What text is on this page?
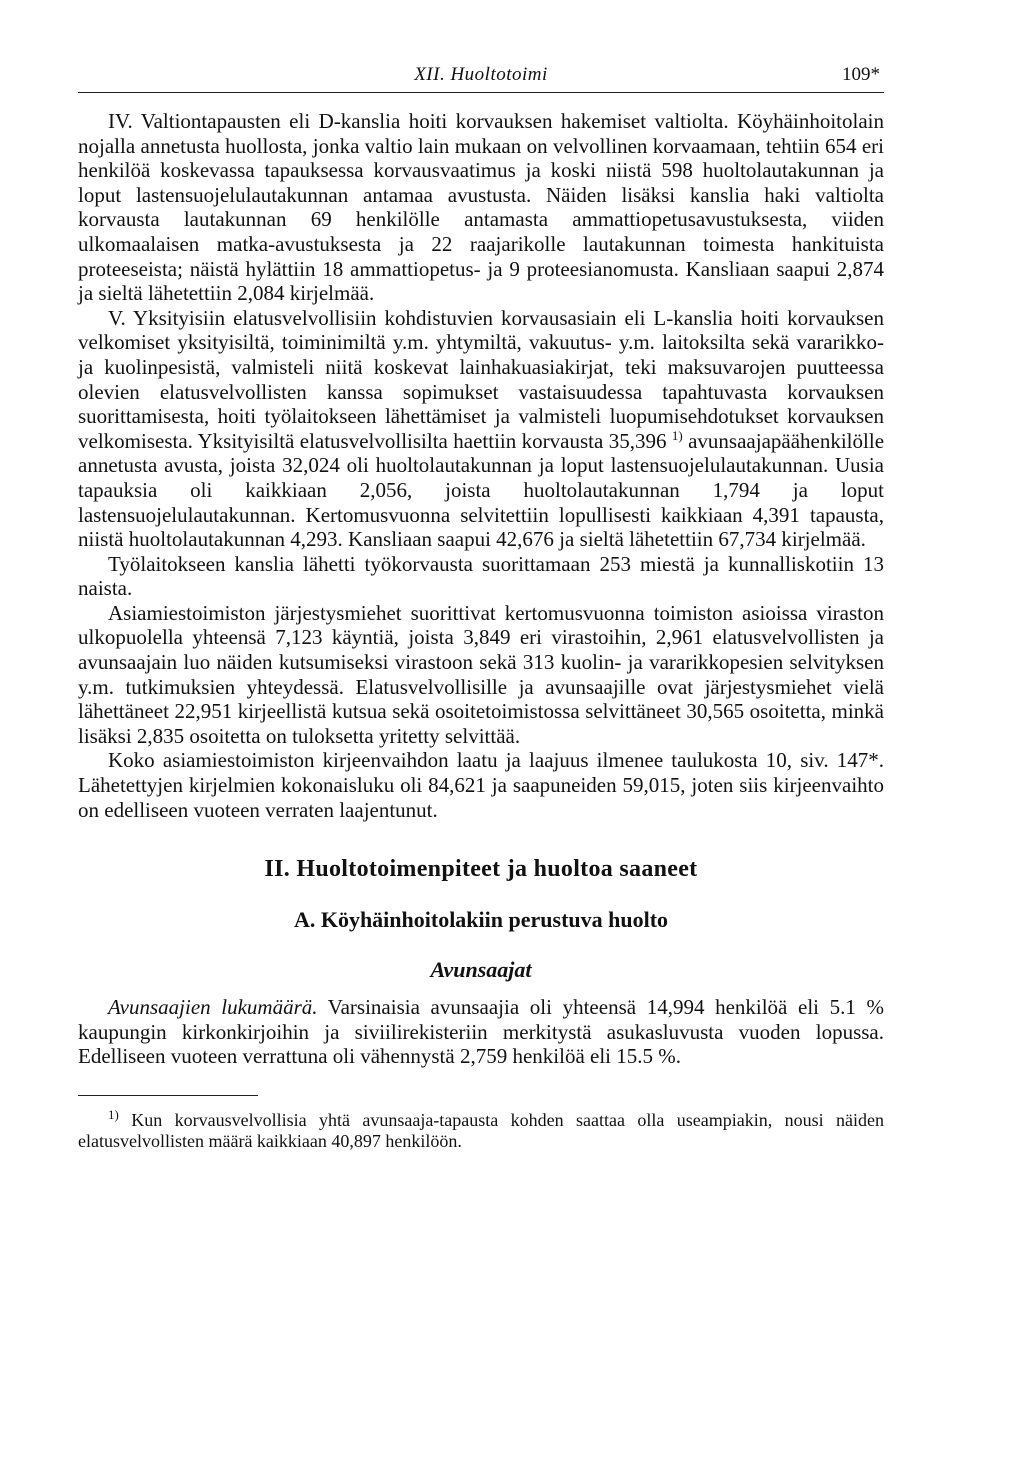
XII. Huoltotoimi	109*

IV. Valtiontapausten eli D-kanslia hoiti korvauksen hakemiset valtiolta. Köyhäinhoitolain nojalla annetusta huollosta, jonka valtio lain mukaan on velvollinen korvaamaan, tehtiin 654 eri henkilöä koskevassa tapauksessa korvausvaatimus ja koski niistä 598 huoltolautakunnan ja loput lastensuojelulautakunnan antamaa avustusta. Näiden lisäksi kanslia haki valtiolta korvausta lautakunnan 69 henkilölle antamasta ammattiopetusavustuksesta, viiden ulkomaalaisen matka-avustuksesta ja 22 raajarikolle lautakunnan toimesta hankituista proteeseista; näistä hylättiin 18 ammattiopetus- ja 9 proteesianomusta. Kansliaan saapui 2,874 ja sieltä lähetettiin 2,084 kirjelmää.

V. Yksityisiin elatusvelvollisiin kohdistuvien korvausasiain eli L-kanslia hoiti korvauksen velkomiset yksityisiltä, toiminimiltä y.m. yhtymiltä, vakuutus- y.m. laitoksilta sekä vararikko- ja kuolinpesistä, valmisteli niitä koskevat lainhakuasiakirjat, teki maksuvarojen puutteessa olevien elatusvelvollisten kanssa sopimukset vastaisuudessa tapahtuvasta korvauksen suorittamisesta, hoiti työlaitokseen lähettämiset ja valmisteli luopumisehdotukset korvauksen velkomisesta. Yksityisiltä elatusvelvollisilta haettiin korvausta 35,396 $^{1)}$ avunsaajapäähenkilölle annetusta avusta, joista 32,024 oli huoltolautakunnan ja loput lastensuojelulautakunnan. Uusia tapauksia oli kaikkiaan 2,056, joista huoltolautakunnan 1,794 ja loput lastensuojelulautakunnan. Kertomusvuonna selvitettiin lopullisesti kaikkiaan 4,391 tapausta, niistä huoltolautakunnan 4,293. Kansliaan saapui 42,676 ja sieltä lähetettiin 67,734 kirjelmää.

Työlaitokseen kanslia lähetti työkorvausta suorittamaan 253 miestä ja kunnalliskotiin 13 naista.

Asiamiestoimiston järjestysmiehet suorittivat kertomusvuonna toimiston asioissa viraston ulkopuolella yhteensä 7,123 käyntiä, joista 3,849 eri virastoihin, 2,961 elatusvelvollisten ja avunsaajain luo näiden kutsumiseksi virastoon sekä 313 kuolin- ja vararikkopesien selvityksen y.m. tutkimuksien yhteydessä. Elatusvelvollisille ja avunsaajille ovat järjestysmiehet vielä lähettäneet 22,951 kirjeellistä kutsua sekä osoitetoimistossa selvittäneet 30,565 osoitetta, minkä lisäksi 2,835 osoitetta on tuloksetta yritetty selvittää.

Koko asiamiestoimiston kirjeenvaihdon laatu ja laajuus ilmenee taulukosta 10, siv. 147*. Lähetettyjen kirjelmien kokonaisluku oli 84,621 ja saapuneiden 59,015, joten siis kirjeenvaihto on edelliseen vuoteen verraten laajentunut.

II. Huoltotoimenpiteet ja huoltoa saaneet
A. Köyhäinhoitolakiin perustuva huolto
Avunsaajat

Avunsaajien lukumäärä. Varsinaisia avunsaajia oli yhteensä 14,994 henkilöä eli 5.1 % kaupungin kirkonkirjoihin ja siviilirekisteriin merkitystä asukasluvusta vuoden lopussa. Edelliseen vuoteen verrattuna oli vähennystä 2,759 henkilöä eli 15.5 %.

$^{1)}$ Kun korvausvelvollisia yhtä avunsaaja-tapausta kohden saattaa olla useampiakin, nousi näiden elatusvelvollisten määrä kaikkiaan 40,897 henkilöön.
